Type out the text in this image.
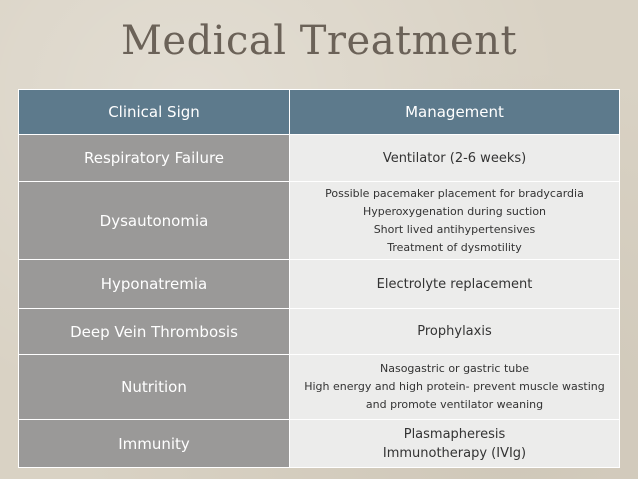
Medical Treatment
Clinical Sign	Management
Respiratory Failure	Ventilator (2-6 weeks)

Dysautonomia	Possible pacemaker placement for bradycardia
Hyperoxygenation during suction
Short lived antihypertensives
Treatment of dysmotility

Hyponatremia	Electrolyte replacement

Deep Vein Thrombosis	Prophylaxis

Nutrition	Nasogastric or gastric tube
High energy and high protein- prevent muscle wasting
and promote ventilator weaning

Immunity	Plasmapheresis
Immunotherapy (IVIg)
